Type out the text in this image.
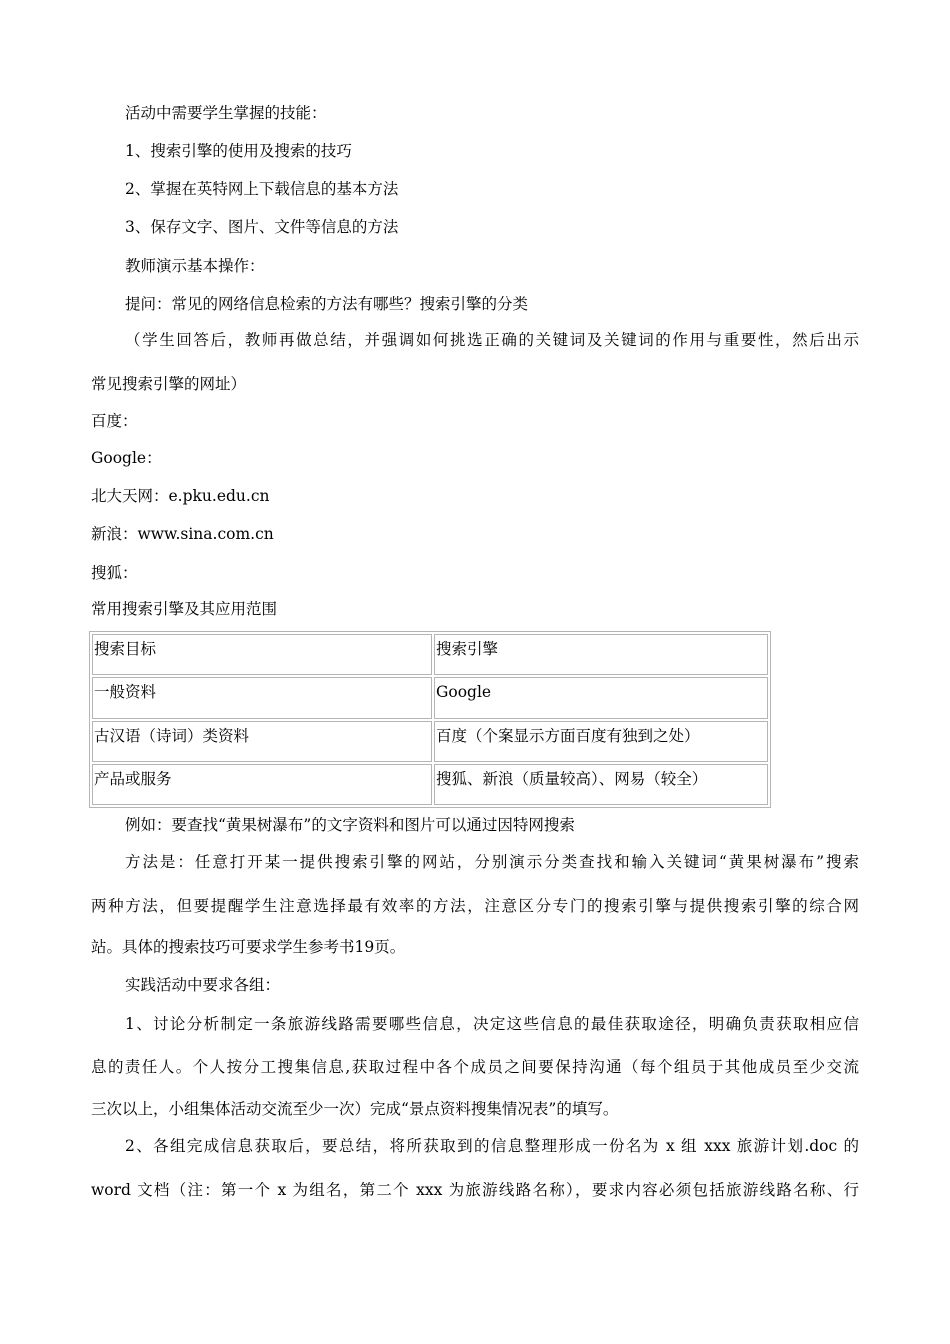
活动中需要学生掌握的技能：
1、搜索引擎的使用及搜索的技巧
2、掌握在英特网上下载信息的基本方法
3、保存文字、图片、文件等信息的方法
教师演示基本操作：
提问：常见的网络信息检索的方法有哪些？搜索引擎的分类
（学生回答后，教师再做总结，并强调如何挑选正确的关键词及关键词的作用与重要性，然后出示
常见搜索引擎的网址）
百度：
Google：
北大天网：e.pku.edu.cn
新浪：www.sina.com.cn
搜狐：
常用搜索引擎及其应用范围
搜索目标	搜索引擎
一般资料	Google
古汉语（诗词）类资料	百度（个案显示方面百度有独到之处）
产品或服务	搜狐、新浪（质量较高）、网易（较全）
例如：要查找“黄果树瀑布”的文字资料和图片可以通过因特网搜索
方法是：任意打开某一提供搜索引擎的网站，分别演示分类查找和输入关键词“黄果树瀑布”搜索
两种方法，但要提醒学生注意选择最有效率的方法，注意区分专门的搜索引擎与提供搜索引擎的综合网
站。具体的搜索技巧可要求学生参考书19页。
实践活动中要求各组：
1、讨论分析制定一条旅游线路需要哪些信息，决定这些信息的最佳获取途径，明确负责获取相应信
息的责任人。个人按分工搜集信息,获取过程中各个成员之间要保持沟通（每个组员于其他成员至少交流
三次以上，小组集体活动交流至少一次）完成“景点资料搜集情况表”的填写。
2、各组完成信息获取后，要总结，将所获取到的信息整理形成一份名为 x 组 xxx 旅游计划.doc 的
word 文档（注：第一个 x 为组名，第二个 xxx 为旅游线路名称），要求内容必须包括旅游线路名称、行
